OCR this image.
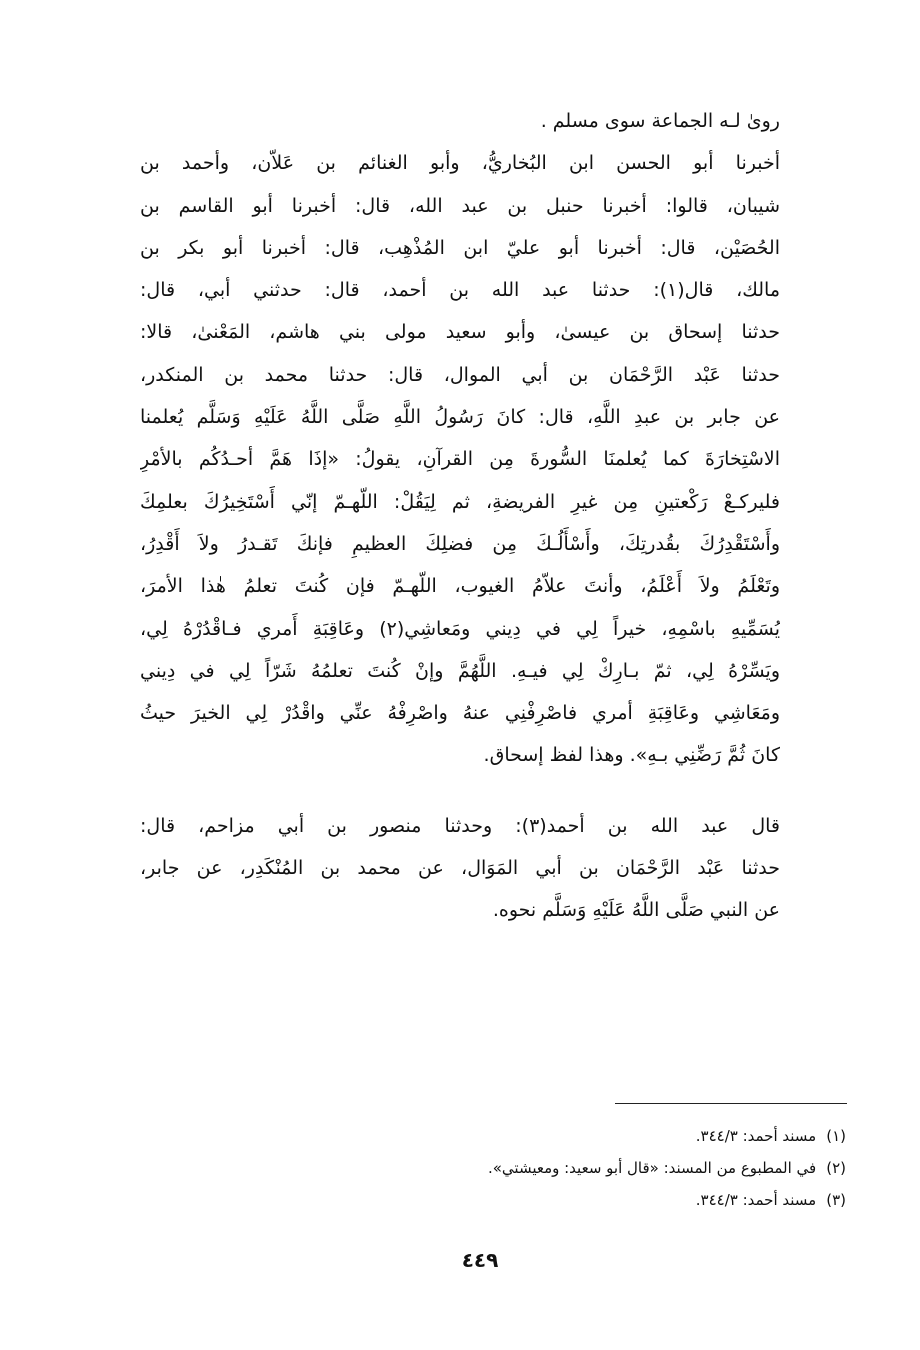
روىٰ لـه الجماعة سوى مسلم .
أخبرنا أبو الحسن ابن البُخاريُّ، وأبو الغنائم بن عَلاّن، وأحمد بن
شيبان، قالوا: أخبرنا حنبل بن عبد الله، قال: أخبرنا أبو القاسم بن
الحُصَيْن، قال: أخبرنا أبو عليّ ابن المُذْهِب، قال: أخبرنا أبو بكر بن
مالك، قال(١): حدثنا عبد الله بن أحمد، قال: حدثني أبي، قال:
حدثنا إسحاق بن عيسىٰ، وأبو سعيد مولى بني هاشم، المَعْنىٰ، قالا:
حدثنا عَبْد الرَّحْمَان بن أبي الموال، قال: حدثنا محمد بن المنكدر،
عن جابر بن عبدِ اللَّهِ، قال: كانَ رَسُولُ اللَّهِ صَلَّى اللَّهُ عَلَيْهِ وَسَلَّم يُعلمنا
الاسْتِخارَةَ كما يُعلمنَا السُّورةَ مِن القرآنِ، يقولُ: «إذَا هَمَّ أحـدُكُم بالأمْرِ
فليركـعْ رَكْعتينِ مِن غيرِ الفريضةِ، ثم لِيَقُلْ: اللّهـمّ إنّي أَسْتَخِيرُكَ بعلمِكَ
وأَسْتَقْدِرُكَ بقُدرتِكَ، وأَسْأَلُـكَ مِن فضلِكَ العظيمِ فإنكَ تَقـدرُ ولاَ أَقْدِرُ،
وتَعْلَمُ ولاَ أَعْلَمُ، وأنتَ علاّمُ الغيوب، اللّهـمّ فإن كُنتَ تعلمُ هٰذا الأمرَ،
يُسَمِّيهِ باسْمِهِ، خيراً لِي في دِيني ومَعاشِي(٢) وعَاقِبَةِ أَمري فـاقْدُرْهُ لِي،
ويَسِّرْهُ لِي، ثمّ بـارِكْ لِي فيـهِ. اللَّهُمَّ وإنْ كُنتَ تعلمُهُ شَرّاً لِي في دِيني
ومَعَاشِي وعَاقِبَةِ أمري فاصْرِفْنِي عنهُ واصْرِفْهُ عنِّي واقْدُرْ لِي الخيرَ حيثُ
كانَ ثُمَّ رَضِّنِي بـهِ». وهذا لفظ إسحاق.
قال عبد الله بن أحمد(٣): وحدثنا منصور بن أبي مزاحم، قال:
حدثنا عَبْد الرَّحْمَان بن أبي المَوَال، عن محمد بن المُنْكَدِر، عن جابر،
عن النبي صَلَّى اللَّهُ عَلَيْهِ وَسَلَّم نحوه.
(١)مسند أحمد: ٣٤٤/٣.
(٢)في المطبوع من المسند: «قال أبو سعيد: ومعيشتي».
(٣)مسند أحمد: ٣٤٤/٣.
٤٤٩
